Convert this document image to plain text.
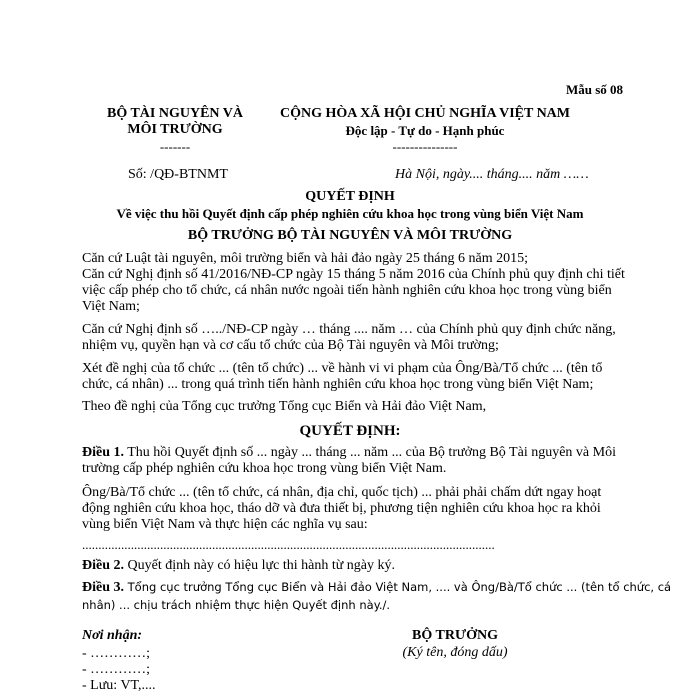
Mẫu số 08
BỘ TÀI NGUYÊN VÀ
MÔI TRƯỜNG
-------
CỘNG HÒA XÃ HỘI CHỦ NGHĨA VIỆT NAM
Độc lập - Tự do - Hạnh phúc
---------------
Số: /QĐ-BTNMT	Hà Nội, ngày.... tháng.... năm ……
QUYẾT ĐỊNH
Về việc thu hồi Quyết định cấp phép nghiên cứu khoa học trong vùng biển Việt Nam
BỘ TRƯỞNG BỘ TÀI NGUYÊN VÀ MÔI TRƯỜNG
Căn cứ Luật tài nguyên, môi trường biển và hải đảo ngày 25 tháng 6 năm 2015;
Căn cứ Nghị định số 41/2016/NĐ-CP ngày 15 tháng 5 năm 2016 của Chính phủ quy định chi tiết
việc cấp phép cho tổ chức, cá nhân nước ngoài tiến hành nghiên cứu khoa học trong vùng biển
Việt Nam;
Căn cứ Nghị định số …../NĐ-CP ngày … tháng .... năm … của Chính phủ quy định chức năng,
nhiệm vụ, quyền hạn và cơ cấu tổ chức của Bộ Tài nguyên và Môi trường;
Xét đề nghị của tổ chức ... (tên tổ chức) ... về hành vi vi phạm của Ông/Bà/Tổ chức ... (tên tổ
chức, cá nhân) ... trong quá trình tiến hành nghiên cứu khoa học trong vùng biển Việt Nam;
Theo đề nghị của Tổng cục trưởng Tổng cục Biển và Hải đảo Việt Nam,
QUYẾT ĐỊNH:
Điều 1. Thu hồi Quyết định số ... ngày ... tháng ... năm ... của Bộ trưởng Bộ Tài nguyên và Môi
trường cấp phép nghiên cứu khoa học trong vùng biển Việt Nam.
Ông/Bà/Tổ chức ... (tên tổ chức, cá nhân, địa chỉ, quốc tịch) ... phải phải chấm dứt ngay hoạt
động nghiên cứu khoa học, tháo dỡ và đưa thiết bị, phương tiện nghiên cứu khoa học ra khỏi
vùng biển Việt Nam và thực hiện các nghĩa vụ sau:
...............................................................................................................................
Điều 2. Quyết định này có hiệu lực thi hành từ ngày ký.
Điều 3. Tổng cục trưởng Tổng cục Biển và Hải đảo Việt Nam, .... và Ông/Bà/Tổ chức ... (tên tổ chức, cá
nhân) ... chịu trách nhiệm thực hiện Quyết định này./.
Nơi nhận:
- …………;
- …………;
- Lưu: VT,....
BỘ TRƯỞNG
(Ký tên, đóng dấu)
